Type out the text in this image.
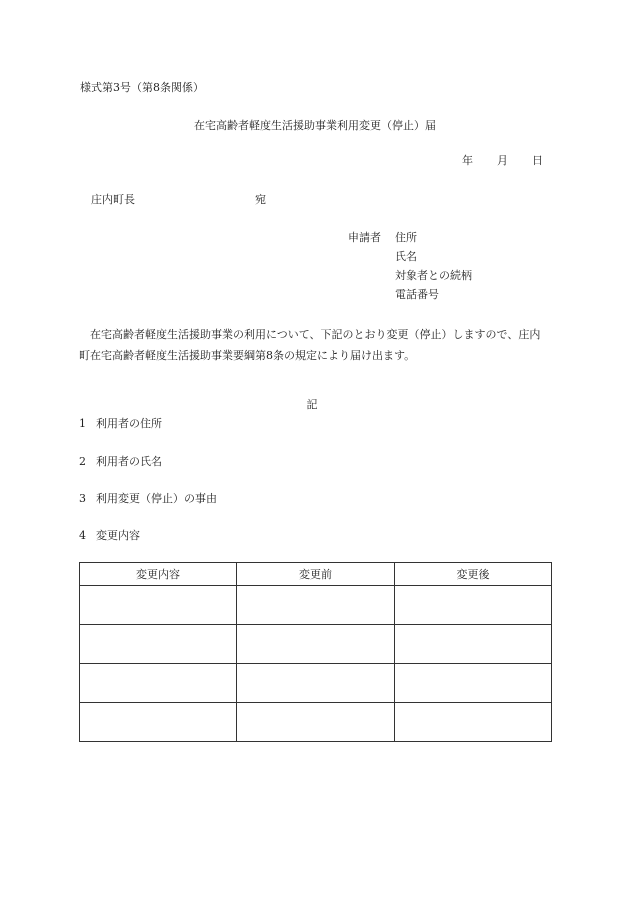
様式第3号（第8条関係）
在宅高齢者軽度生活援助事業利用変更（停止）届
年 月 日
庄内町長	宛
申請者 住所
氏名
対象者との続柄
電話番号
在宅高齢者軽度生活援助事業の利用について、下記のとおり変更（停止）しますので、庄内町在宅高齢者軽度生活援助事業要綱第8条の規定により届け出ます。
記
1 利用者の住所
2 利用者の氏名
3 利用変更（停止）の事由
4 変更内容
変更内容	変更前	変更後
